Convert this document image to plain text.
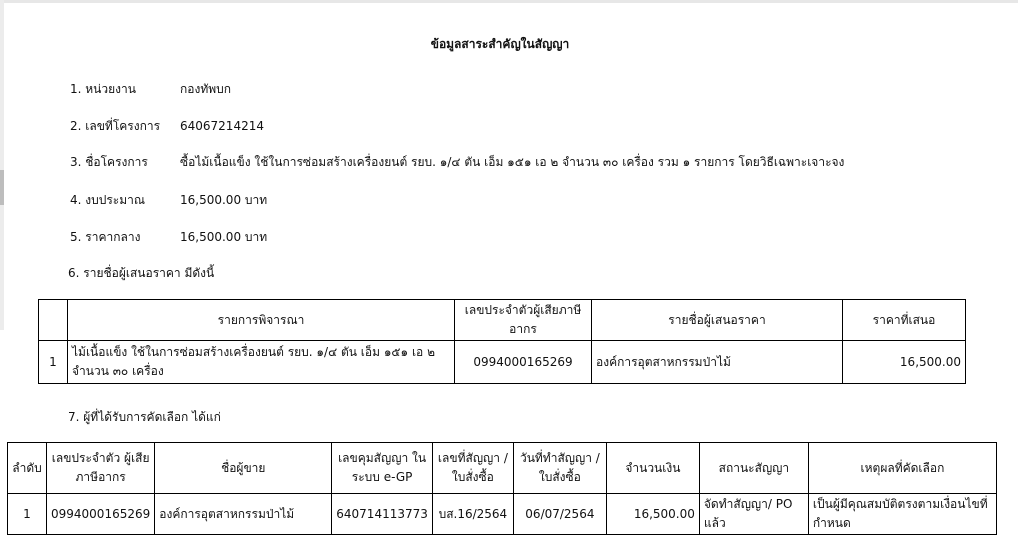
ข้อมูลสาระสำคัญในสัญญา
1. หน่วยงาน	กองทัพบก
2. เลขที่โครงการ 64067214214
3. ชื่อโครงการ	ซื้อไม้เนื้อแข็ง ใช้ในการซ่อมสร้างเครื่องยนต์ รยบ. ๑/๔ ตัน เอ็ม ๑๕๑ เอ ๒ จำนวน ๓๐ เครื่อง รวม ๑ รายการ โดยวิธีเฉพาะเจาะจง
4. งบประมาณ	16,500.00 บาท
5. ราคากลาง	16,500.00 บาท
6. รายชื่อผู้เสนอราคา มีดังนี้
	รายการพิจารณา	เลขประจำตัวผู้เสียภาษีอากร	รายชื่อผู้เสนอราคา	ราคาที่เสนอ
1	ไม้เนื้อแข็ง ใช้ในการซ่อมสร้างเครื่องยนต์ รยบ. ๑/๔ ตัน เอ็ม ๑๕๑ เอ ๒ จำนวน ๓๐ เครื่อง	0994000165269	องค์การอุตสาหกรรมป่าไม้	16,500.00
7. ผู้ที่ได้รับการคัดเลือก ได้แก่
ลำดับ	เลขประจำตัว ผู้เสียภาษีอากร	ชื่อผู้ขาย	เลขคุมสัญญา ในระบบ e-GP	เลขที่สัญญา / ใบสั่งซื้อ	วันที่ทำสัญญา / ใบสั่งซื้อ	จำนวนเงิน	สถานะสัญญา	เหตุผลที่คัดเลือก
1	0994000165269	องค์การอุตสาหกรรมป่าไม้	640714113773	บส.16/2564	06/07/2564	16,500.00	จัดทำสัญญา/ PO แล้ว	เป็นผู้มีคุณสมบัติตรงตามเงื่อนไขที่กำหนด
